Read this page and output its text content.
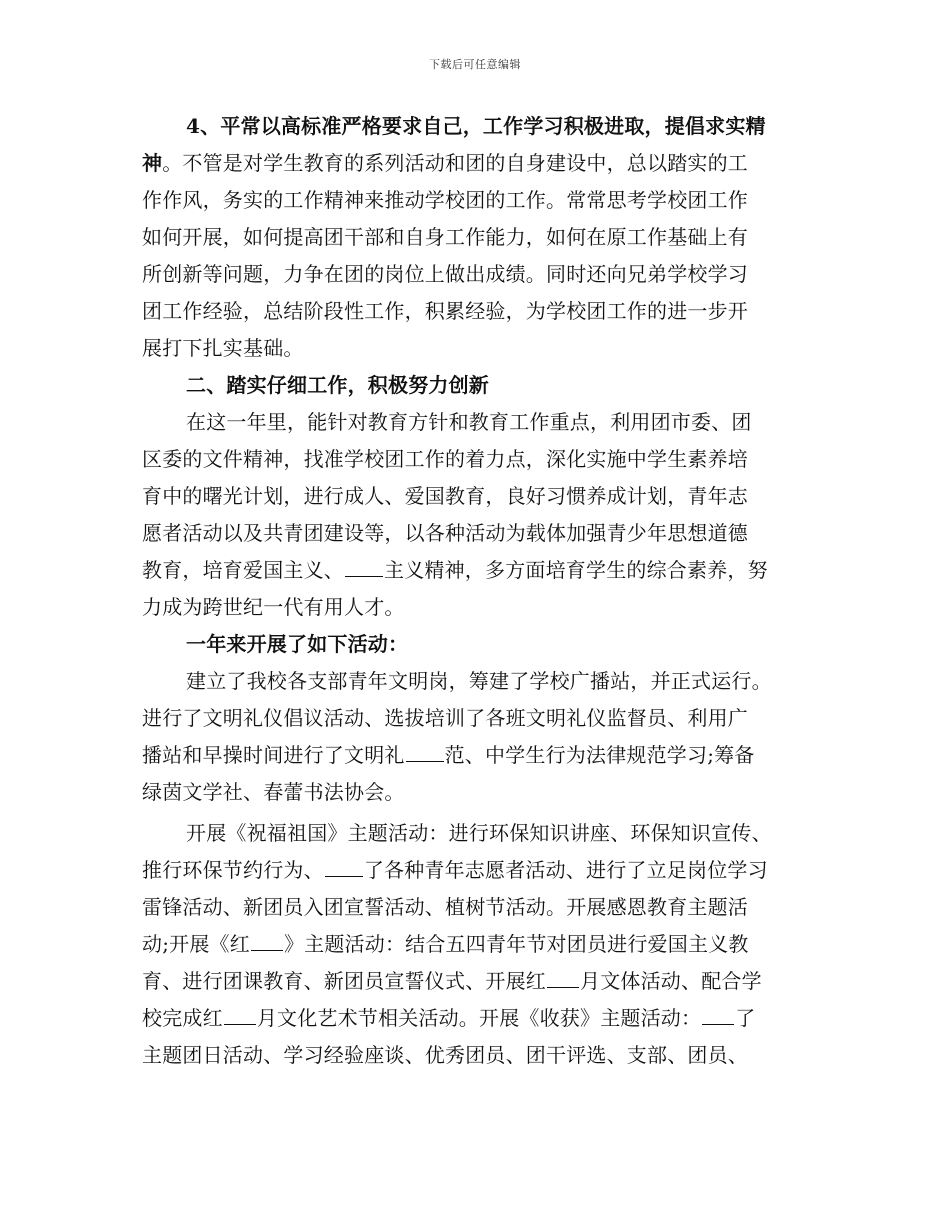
下载后可任意编辑
4、平常以高标准严格要求自己，工作学习积极进取，提倡求实精
神。不管是对学生教育的系列活动和团的自身建设中，总以踏实的工
作作风，务实的工作精神来推动学校团的工作。常常思考学校团工作
如何开展，如何提高团干部和自身工作能力，如何在原工作基础上有
所创新等问题，力争在团的岗位上做出成绩。同时还向兄弟学校学习
团工作经验，总结阶段性工作，积累经验，为学校团工作的进一步开
展打下扎实基础。
二、踏实仔细工作，积极努力创新
在这一年里，能针对教育方针和教育工作重点，利用团市委、团
区委的文件精神，找准学校团工作的着力点，深化实施中学生素养培
育中的曙光计划，进行成人、爱国教育，良好习惯养成计划，青年志
愿者活动以及共青团建设等，以各种活动为载体加强青少年思想道德
教育，培育爱国主义、 主义精神，多方面培育学生的综合素养，努
力成为跨世纪一代有用人才。
一年来开展了如下活动：
建立了我校各支部青年文明岗，筹建了学校广播站，并正式运行。
进行了文明礼仪倡议活动、选拔培训了各班文明礼仪监督员、利用广
播站和早操时间进行了文明礼 范、中学生行为法律规范学习;筹备
绿茵文学社、春蕾书法协会。
开展《祝福祖国》主题活动：进行环保知识讲座、环保知识宣传、
推行环保节约行为、 了各种青年志愿者活动、进行了立足岗位学习
雷锋活动、新团员入团宣誓活动、植树节活动。开展感恩教育主题活
动;开展《红 》主题活动：结合五四青年节对团员进行爱国主义教
育、进行团课教育、新团员宣誓仪式、开展红 月文体活动、配合学
校完成红 月文化艺术节相关活动。开展《收获》主题活动： 了
主题团日活动、学习经验座谈、优秀团员、团干评选、支部、团员、
